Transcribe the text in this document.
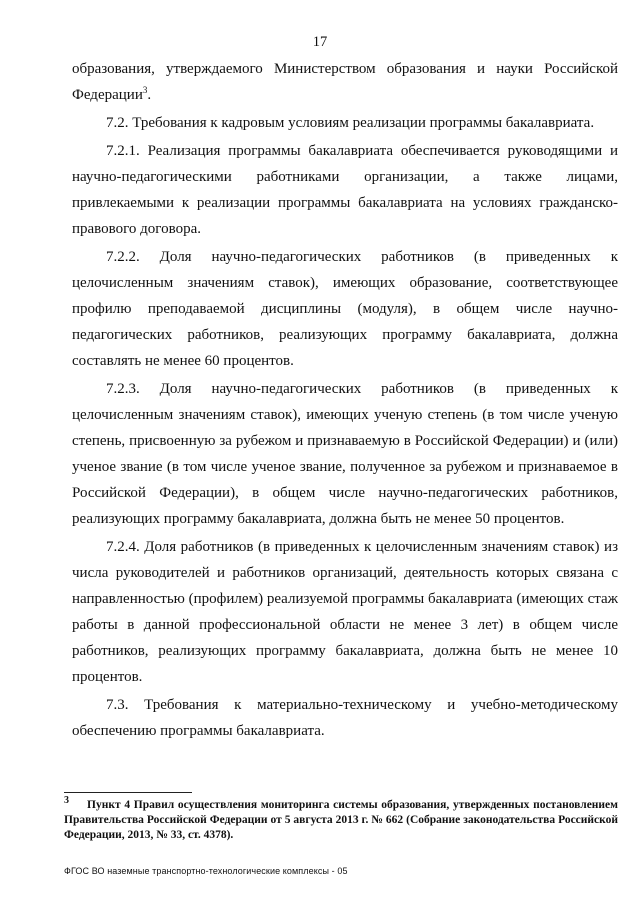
17

образования, утверждаемого Министерством образования и науки Российской Федерации$^3$.

7.2. Требования к кадровым условиям реализации программы бакалавриата.

7.2.1. Реализация программы бакалавриата обеспечивается руководящими и научно-педагогическими работниками организации, а также лицами, привлекаемыми к реализации программы бакалавриата на условиях гражданско-правового договора.

7.2.2. Доля научно-педагогических работников (в приведенных к целочисленным значениям ставок), имеющих образование, соответствующее профилю преподаваемой дисциплины (модуля), в общем числе научно-педагогических работников, реализующих программу бакалавриата, должна составлять не менее 60 процентов.

7.2.3. Доля научно-педагогических работников (в приведенных к целочисленным значениям ставок), имеющих ученую степень (в том числе ученую степень, присвоенную за рубежом и признаваемую в Российской Федерации) и (или) ученое звание (в том числе ученое звание, полученное за рубежом и признаваемое в Российской Федерации), в общем числе научно-педагогических работников, реализующих программу бакалавриата, должна быть не менее 50 процентов.

7.2.4. Доля работников (в приведенных к целочисленным значениям ставок) из числа руководителей и работников организаций, деятельность которых связана с направленностью (профилем) реализуемой программы бакалавриата (имеющих стаж работы в данной профессиональной области не менее 3 лет) в общем числе работников, реализующих программу бакалавриата, должна быть не менее 10 процентов.

7.3. Требования к материально-техническому и учебно-методическому обеспечению программы бакалавриата.

3 Пункт 4 Правил осуществления мониторинга системы образования, утвержденных постановлением Правительства Российской Федерации от 5 августа 2013 г. № 662 (Собрание законодательства Российской Федерации, 2013, № 33, ст. 4378).
ФГОС ВО наземные транспортно-технологические комплексы - 05
